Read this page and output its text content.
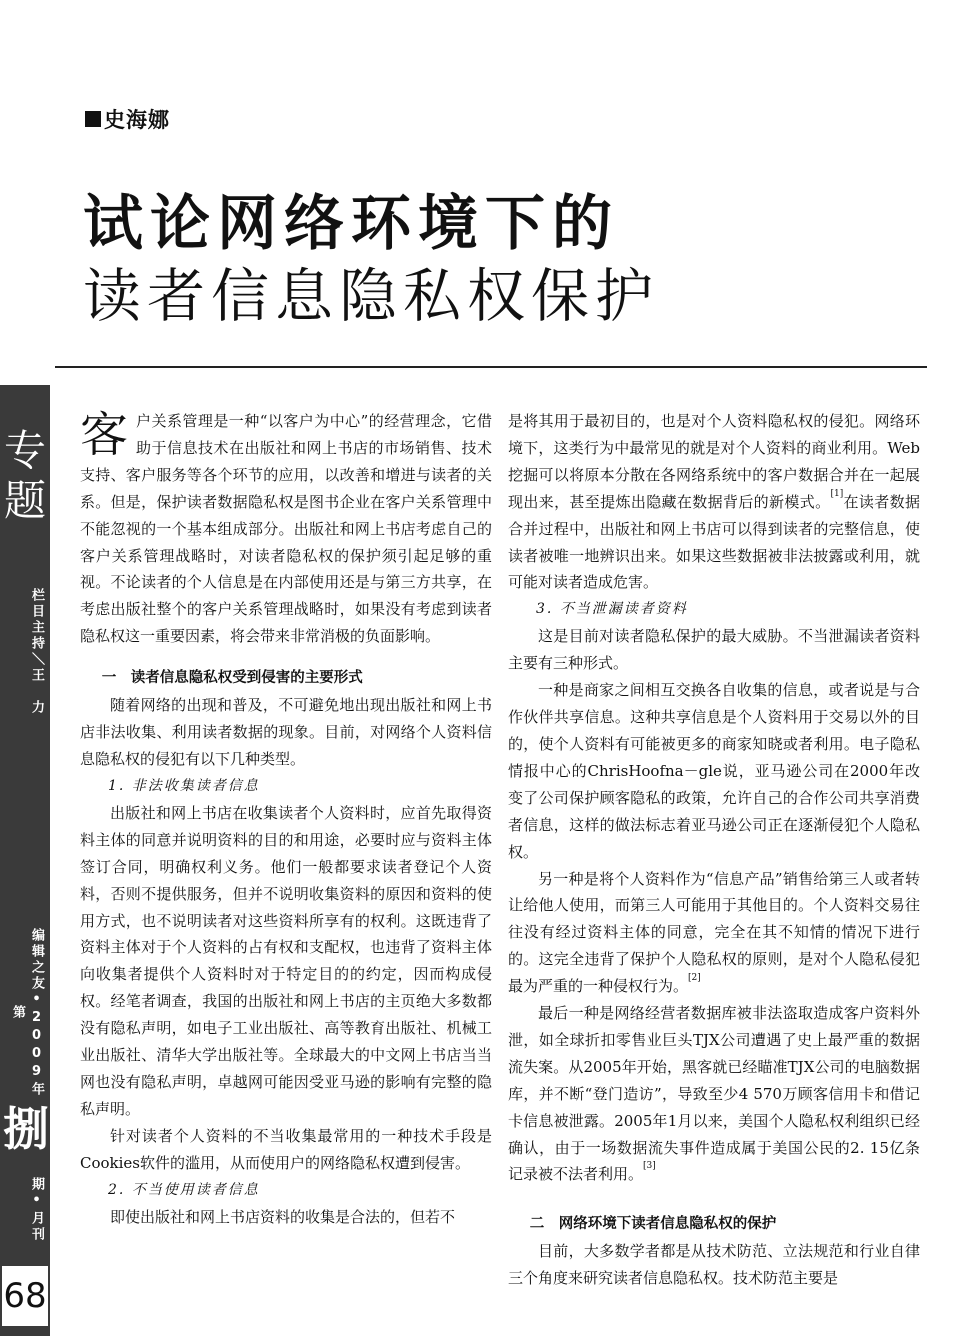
史海娜
试论网络环境下的
读者信息隐私权保护
专
题
栏目主持＼王　力
编辑之友•2009年第
捌
期•月刊
68

客户关系管理是一种“以客户为中心”的经营理念，它借助于信息技术在出版社和网上书店的市场销售、技术支持、客户服务等各个环节的应用，以改善和增进与读者的关系。但是，保护读者数据隐私权是图书企业在客户关系管理中不能忽视的一个基本组成部分。出版社和网上书店考虑自己的客户关系管理战略时，对读者隐私权的保护须引起足够的重视。不论读者的个人信息是在内部使用还是与第三方共享，在考虑出版社整个的客户关系管理战略时，如果没有考虑到读者隐私权这一重要因素，将会带来非常消极的负面影响。

一　读者信息隐私权受到侵害的主要形式

随着网络的出现和普及，不可避免地出现出版社和网上书店非法收集、利用读者数据的现象。目前，对网络个人资料信息隐私权的侵犯有以下几种类型。

1. 非法收集读者信息

出版社和网上书店在收集读者个人资料时，应首先取得资料主体的同意并说明资料的目的和用途，必要时应与资料主体签订合同，明确权利义务。他们一般都要求读者登记个人资料，否则不提供服务，但并不说明收集资料的原因和资料的使用方式，也不说明读者对这些资料所享有的权利。这既违背了资料主体对于个人资料的占有权和支配权，也违背了资料主体向收集者提供个人资料时对于特定目的的约定，因而构成侵权。经笔者调查，我国的出版社和网上书店的主页绝大多数都没有隐私声明，如电子工业出版社、高等教育出版社、机械工业出版社、清华大学出版社等。全球最大的中文网上书店当当网也没有隐私声明，卓越网可能因受亚马逊的影响有完整的隐私声明。

针对读者个人资料的不当收集最常用的一种技术手段是Cookies软件的滥用，从而使用户的网络隐私权遭到侵害。

2. 不当使用读者信息

即使出版社和网上书店资料的收集是合法的，但若不

是将其用于最初目的，也是对个人资料隐私权的侵犯。网络环境下，这类行为中最常见的就是对个人资料的商业利用。Web挖掘可以将原本分散在各网络系统中的客户数据合并在一起展现出来，甚至提炼出隐藏在数据背后的新模式。[1]在读者数据合并过程中，出版社和网上书店可以得到读者的完整信息，使读者被唯一地辨识出来。如果这些数据被非法披露或利用，就可能对读者造成危害。

3. 不当泄漏读者资料

这是目前对读者隐私保护的最大威胁。不当泄漏读者资料主要有三种形式。

一种是商家之间相互交换各自收集的信息，或者说是与合作伙伴共享信息。这种共享信息是个人资料用于交易以外的目的，使个人资料有可能被更多的商家知晓或者利用。电子隐私情报中心的ChrisHoofna－gle说，亚马逊公司在2000年改变了公司保护顾客隐私的政策，允许自己的合作公司共享消费者信息，这样的做法标志着亚马逊公司正在逐渐侵犯个人隐私权。

另一种是将个人资料作为“信息产品”销售给第三人或者转让给他人使用，而第三人可能用于其他目的。个人资料交易往往没有经过资料主体的同意，完全在其不知情的情况下进行的。这完全违背了保护个人隐私权的原则，是对个人隐私侵犯最为严重的一种侵权行为。[2]

最后一种是网络经营者数据库被非法盗取造成客户资料外泄，如全球折扣零售业巨头TJX公司遭遇了史上最严重的数据流失案。从2005年开始，黑客就已经瞄准TJX公司的电脑数据库，并不断“登门造访”，导致至少4 570万顾客信用卡和借记卡信息被泄露。2005年1月以来，美国个人隐私权利组织已经确认，由于一场数据流失事件造成属于美国公民的2. 15亿条记录被不法者利用。[3]

二　网络环境下读者信息隐私权的保护

目前，大多数学者都是从技术防范、立法规范和行业自律三个角度来研究读者信息隐私权。技术防范主要是
